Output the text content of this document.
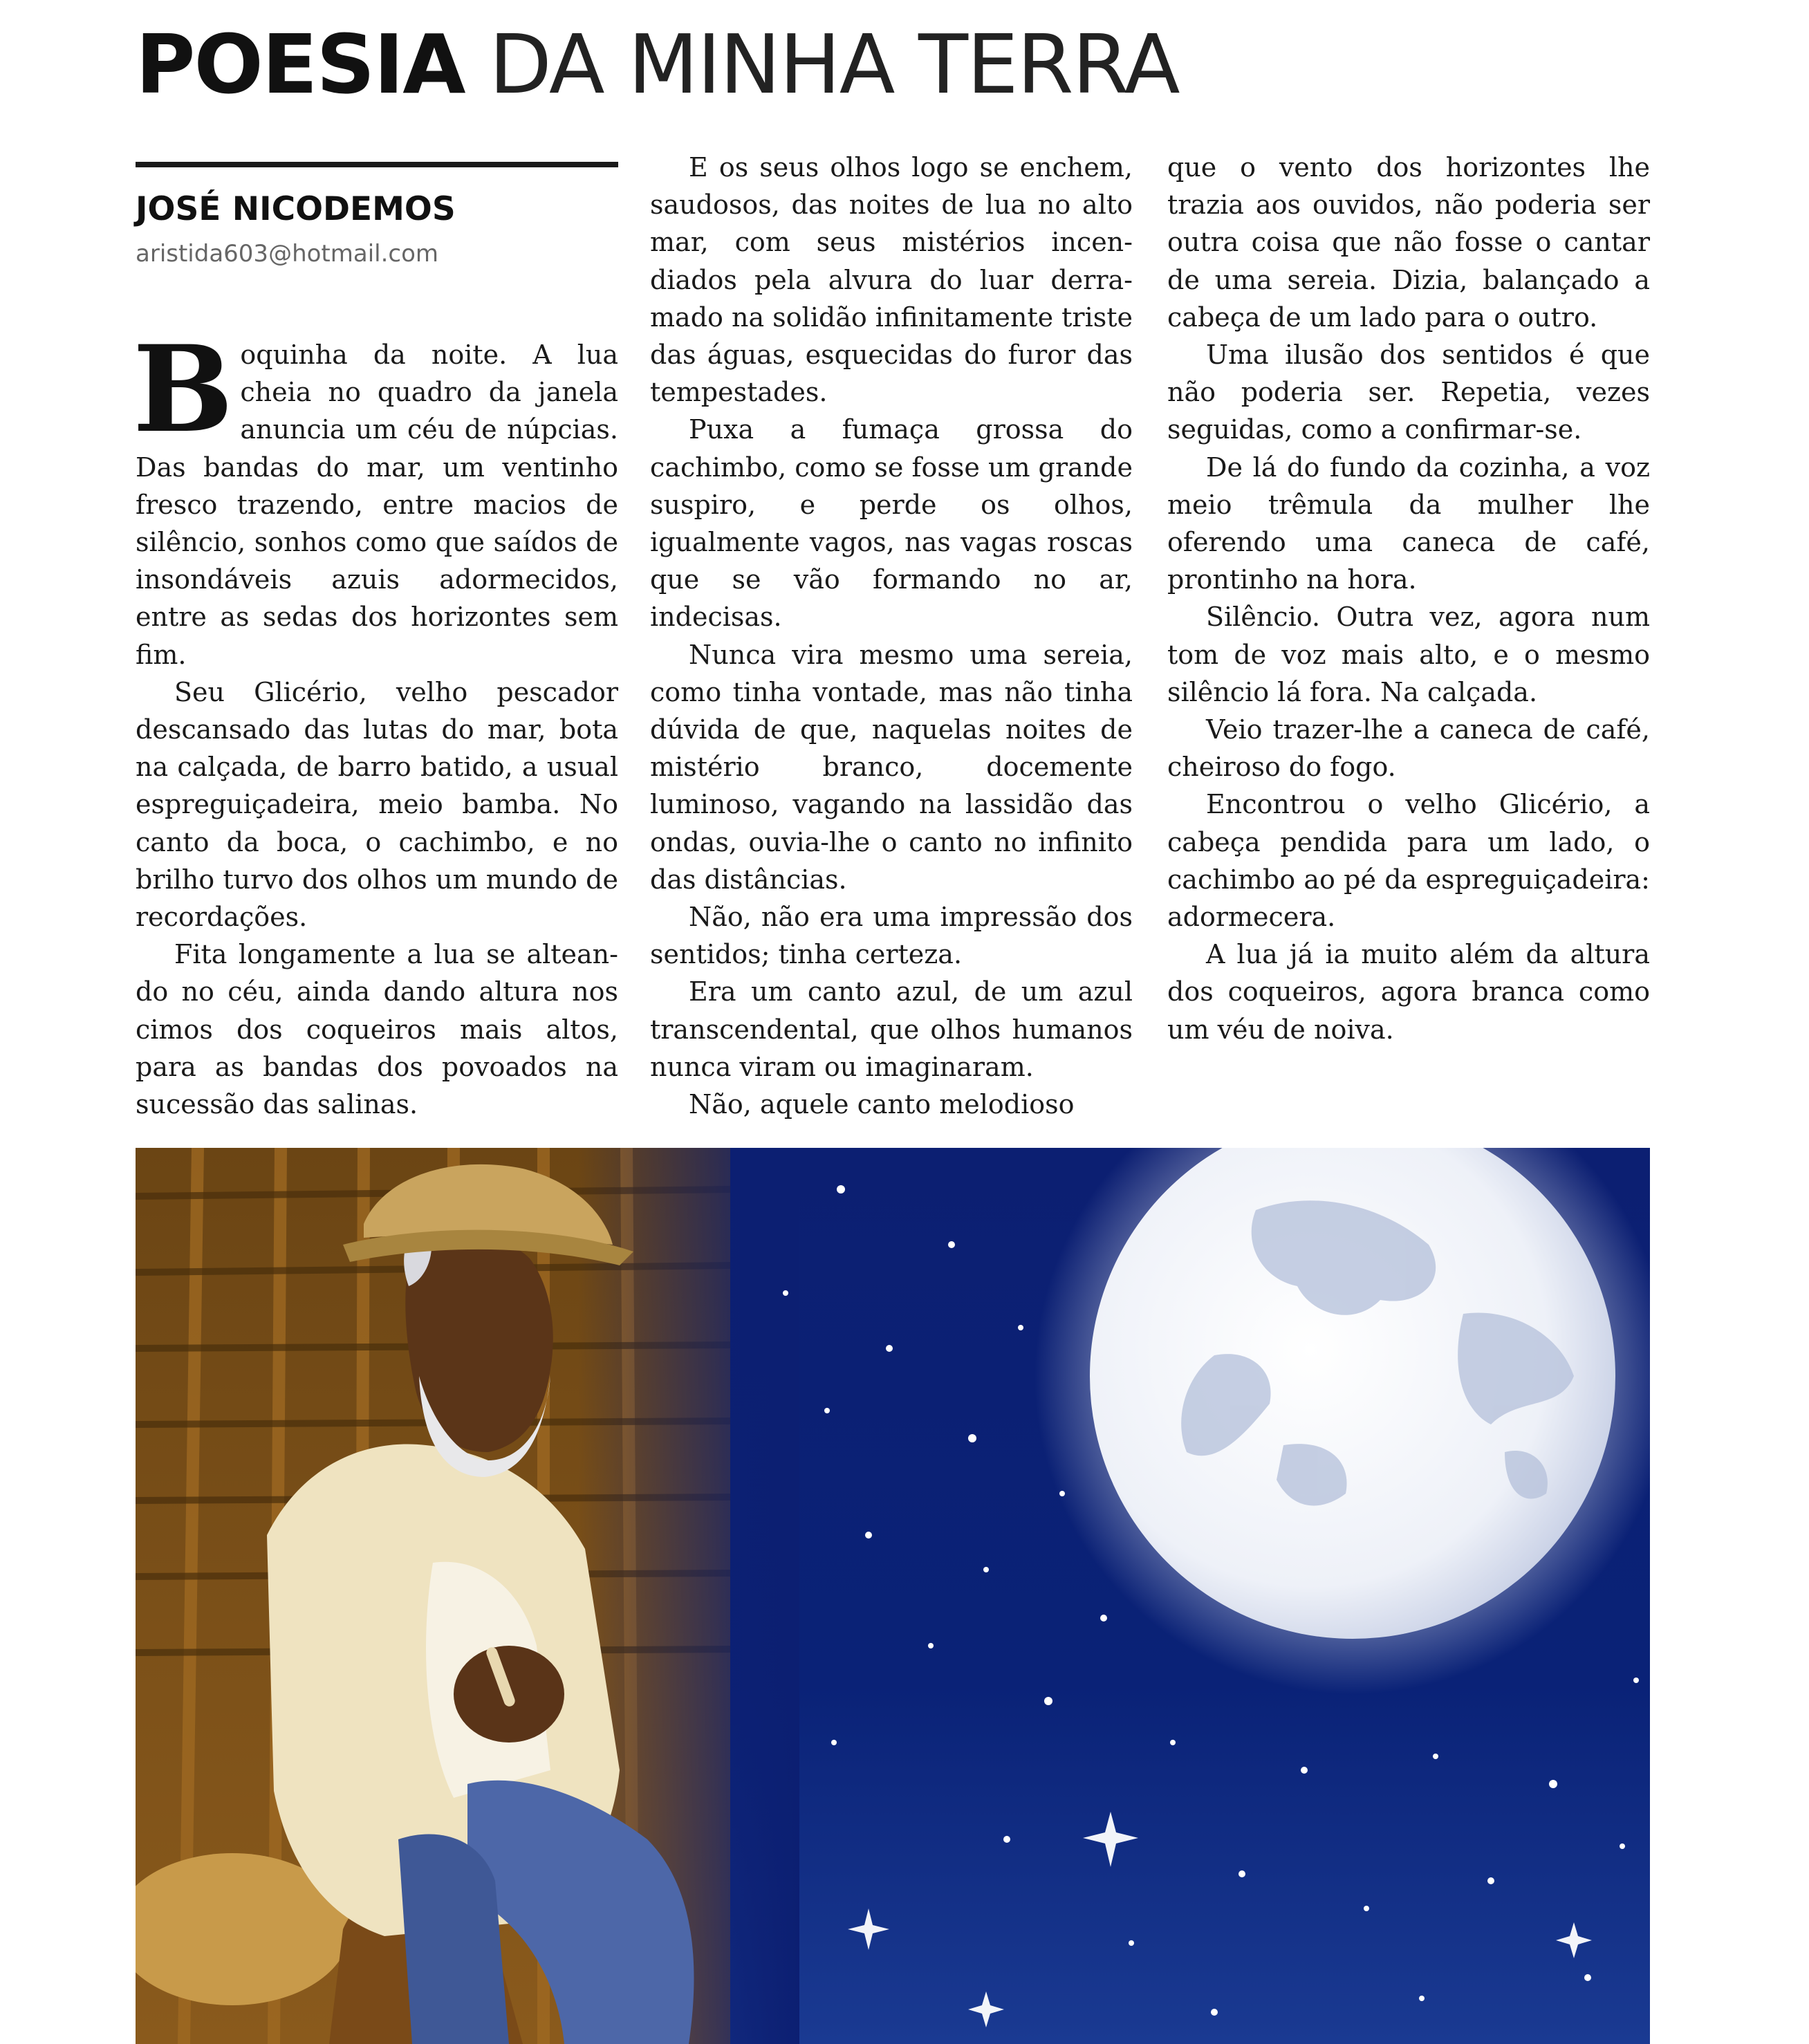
POESIA DA MINHA TERRA
JOSÉ NICODEMOS
aristida603@hotmail.com

Boquinha da noite. A lua cheia no quadro da janela anuncia um céu de núpcias. Das bandas do mar, um ventinho fresco trazendo, entre macios de silêncio, sonhos como que saídos de insondáveis azuis adormecidos, entre as sedas dos horizontes sem fim.

Seu Glicério, velho pescador descansado das lutas do mar, bota na calçada, de barro batido, a usual espreguiçadeira, meio bamba. No canto da boca, o cachimbo, e no brilho turvo dos olhos um mundo de recordações.

Fita longamente a lua se alteando no céu, ainda dando altura nos cimos dos coqueiros mais altos, para as bandas dos povoados na sucessão das salinas.

E os seus olhos logo se enchem, saudosos, das noites de lua no alto mar, com seus mistérios incendiados pela alvura do luar derramado na solidão infinitamente triste das águas, esquecidas do furor das tempestades.

Puxa a fumaça grossa do cachimbo, como se fosse um grande suspiro, e perde os olhos, igualmente vagos, nas vagas roscas que se vão formando no ar, indecisas.

Nunca vira mesmo uma sereia, como tinha vontade, mas não tinha dúvida de que, naquelas noites de mistério branco, docemente luminoso, vagando na lassidão das ondas, ouvia-lhe o canto no infinito das distâncias.

Não, não era uma impressão dos sentidos; tinha certeza.

Era um canto azul, de um azul transcendental, que olhos humanos nunca viram ou imaginaram.

Não, aquele canto melodioso

que o vento dos horizontes lhe trazia aos ouvidos, não poderia ser outra coisa que não fosse o cantar de uma sereia. Dizia, balançado a cabeça de um lado para o outro.

Uma ilusão dos sentidos é que não poderia ser. Repetia, vezes seguidas, como a confirmar-se.

De lá do fundo da cozinha, a voz meio trêmula da mulher lhe oferendo uma caneca de café, prontinho na hora.

Silêncio. Outra vez, agora num tom de voz mais alto, e o mesmo silêncio lá fora. Na calçada.

Veio trazer-lhe a caneca de café, cheiroso do fogo.

Encontrou o velho Glicério, a cabeça pendida para um lado, o cachimbo ao pé da espreguiçadeira: adormecera.

A lua já ia muito além da altura dos coqueiros, agora branca como um véu de noiva.
